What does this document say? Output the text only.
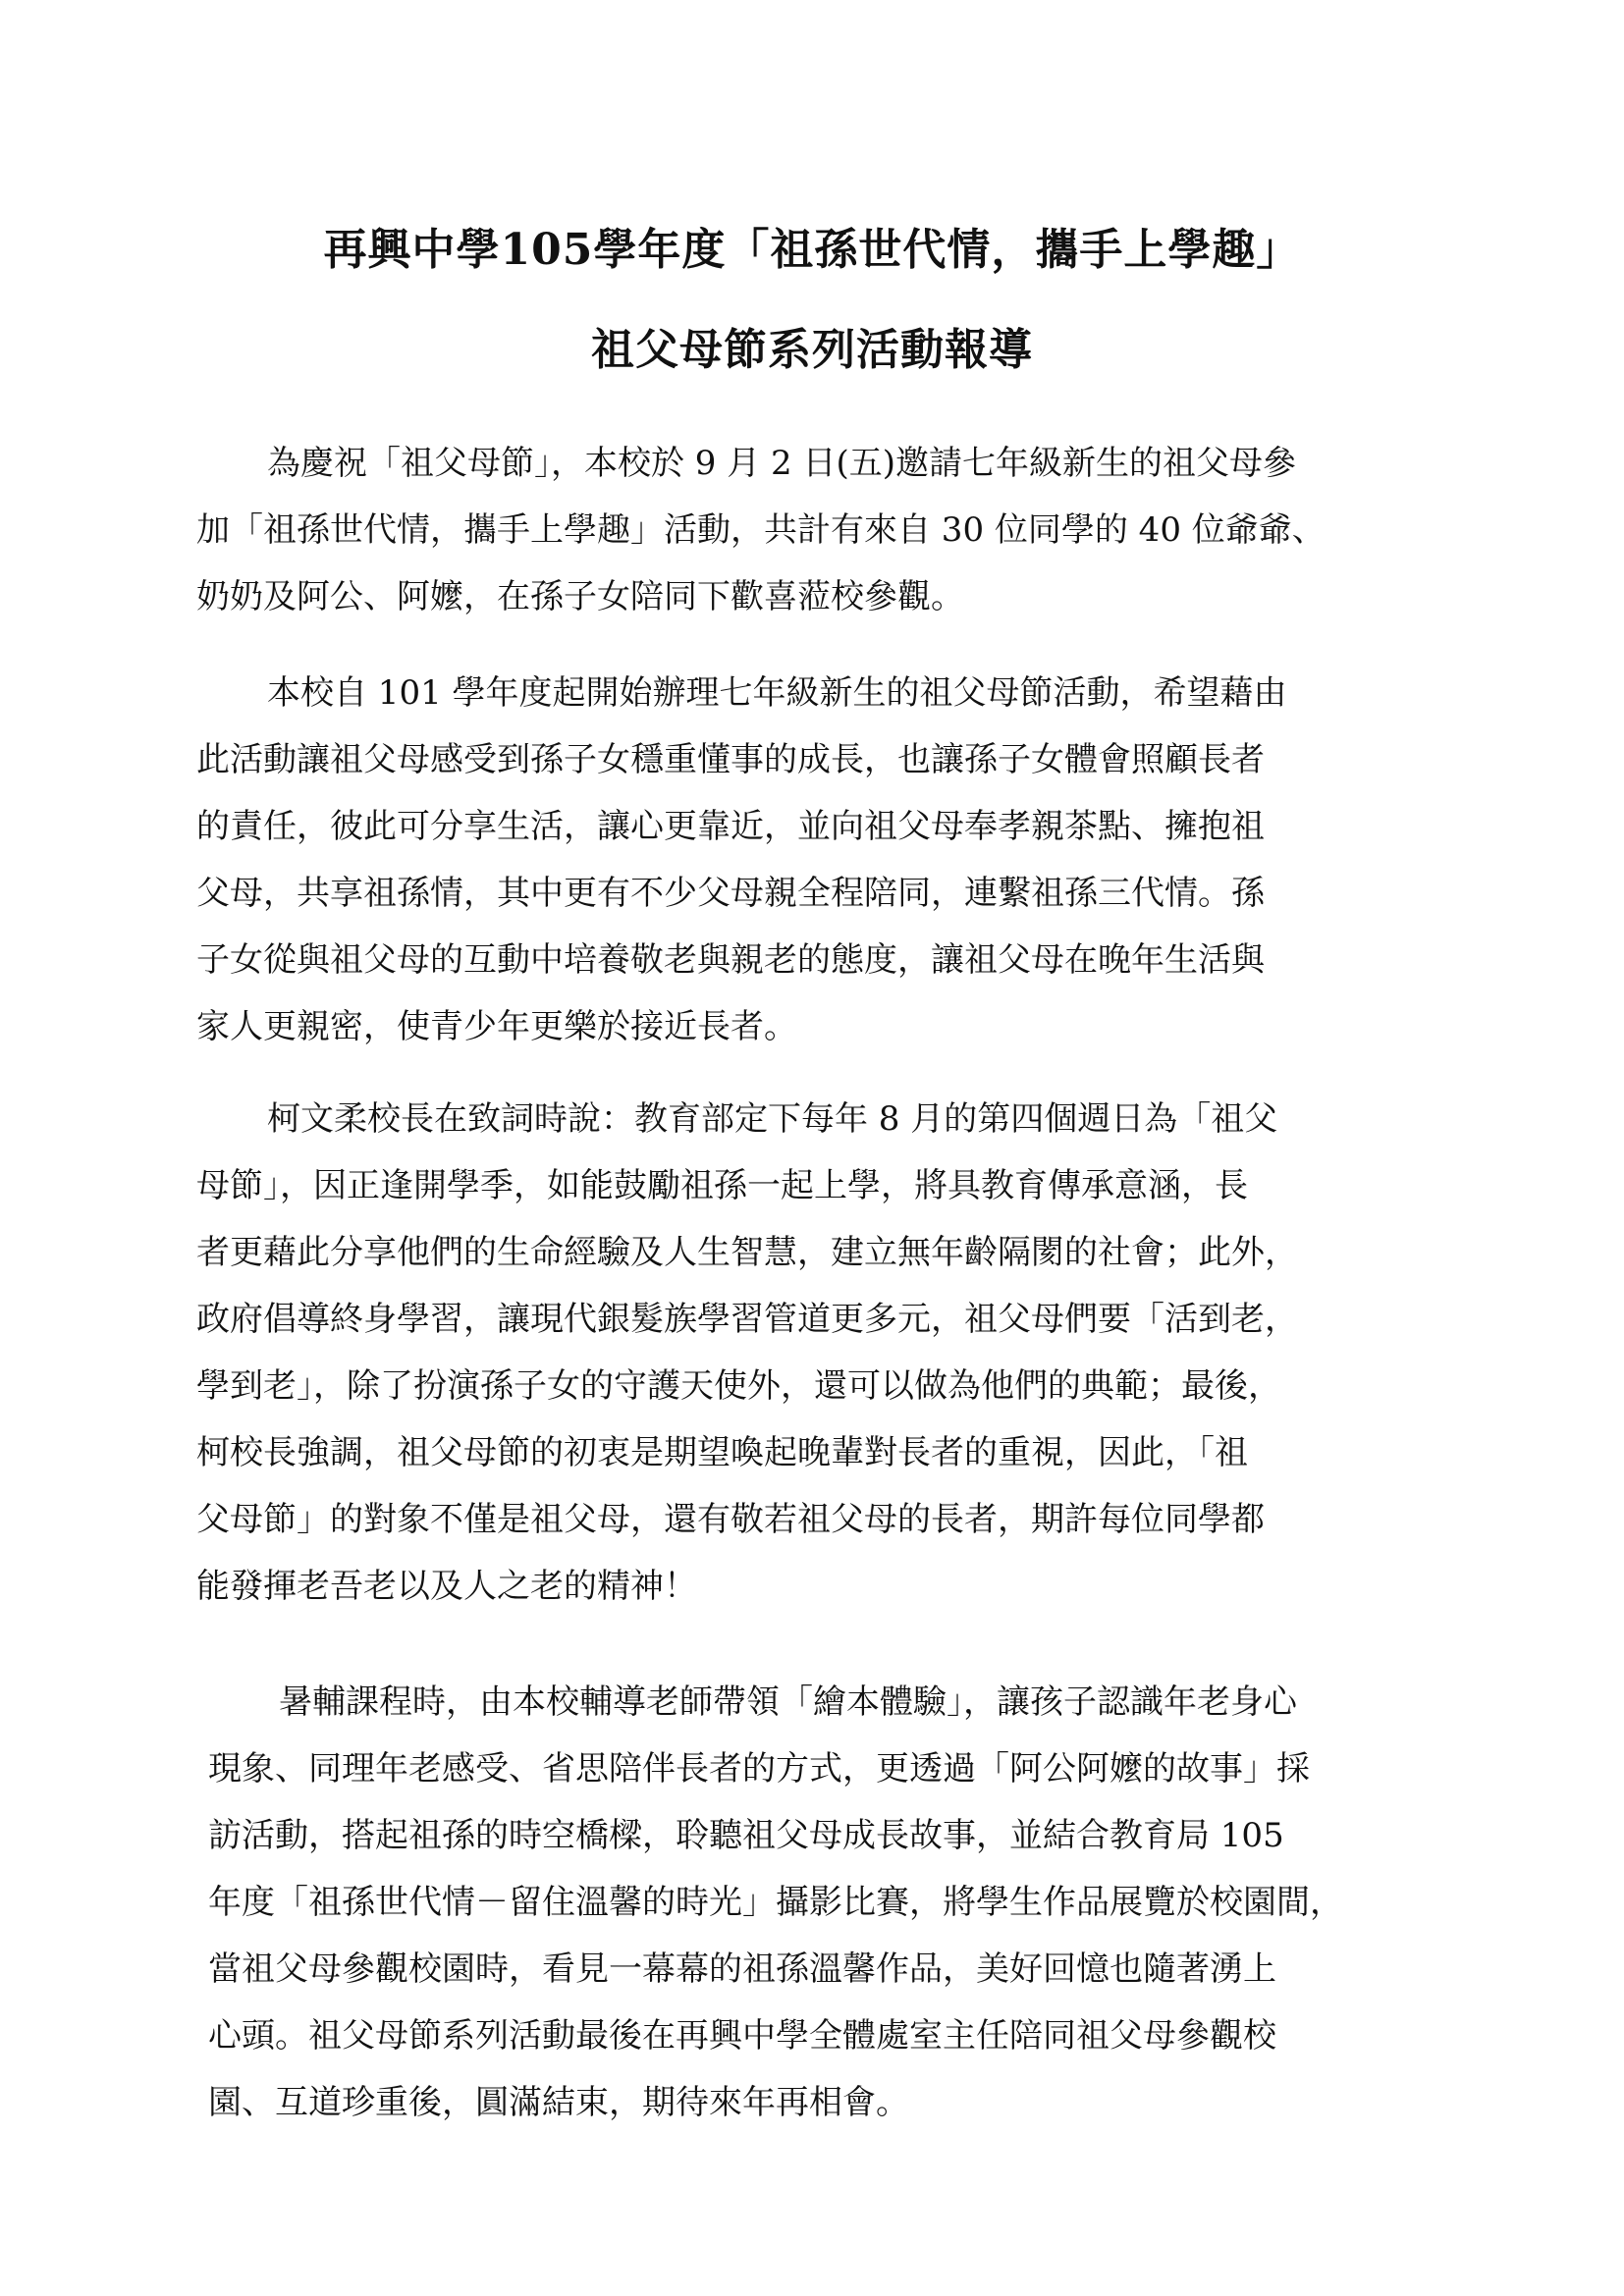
再興中學105學年度「祖孫世代情，攜手上學趣」
祖父母節系列活動報導
為慶祝「祖父母節」，本校於 9 月 2 日(五)邀請七年級新生的祖父母參
加「祖孫世代情，攜手上學趣」活動，共計有來自 30 位同學的 40 位爺爺、
奶奶及阿公、阿嬤，在孫子女陪同下歡喜蒞校參觀。
本校自 101 學年度起開始辦理七年級新生的祖父母節活動，希望藉由
此活動讓祖父母感受到孫子女穩重懂事的成長，也讓孫子女體會照顧長者
的責任，彼此可分享生活，讓心更靠近，並向祖父母奉孝親茶點、擁抱祖
父母，共享祖孫情，其中更有不少父母親全程陪同，連繫祖孫三代情。孫
子女從與祖父母的互動中培養敬老與親老的態度，讓祖父母在晚年生活與
家人更親密，使青少年更樂於接近長者。
柯文柔校長在致詞時說：教育部定下每年 8 月的第四個週日為「祖父
母節」，因正逢開學季，如能鼓勵祖孫一起上學，將具教育傳承意涵，長
者更藉此分享他們的生命經驗及人生智慧，建立無年齡隔閡的社會；此外，
政府倡導終身學習，讓現代銀髮族學習管道更多元，祖父母們要「活到老，
學到老」，除了扮演孫子女的守護天使外，還可以做為他們的典範；最後，
柯校長強調，祖父母節的初衷是期望喚起晚輩對長者的重視，因此，「祖
父母節」的對象不僅是祖父母，還有敬若祖父母的長者，期許每位同學都
能發揮老吾老以及人之老的精神！
暑輔課程時，由本校輔導老師帶領「繪本體驗」，讓孩子認識年老身心
現象、同理年老感受、省思陪伴長者的方式，更透過「阿公阿嬤的故事」採
訪活動，搭起祖孫的時空橋樑，聆聽祖父母成長故事，並結合教育局 105
年度「祖孫世代情－留住溫馨的時光」攝影比賽，將學生作品展覽於校園間，
當祖父母參觀校園時，看見一幕幕的祖孫溫馨作品，美好回憶也隨著湧上
心頭。祖父母節系列活動最後在再興中學全體處室主任陪同祖父母參觀校
園、互道珍重後，圓滿結束，期待來年再相會。
